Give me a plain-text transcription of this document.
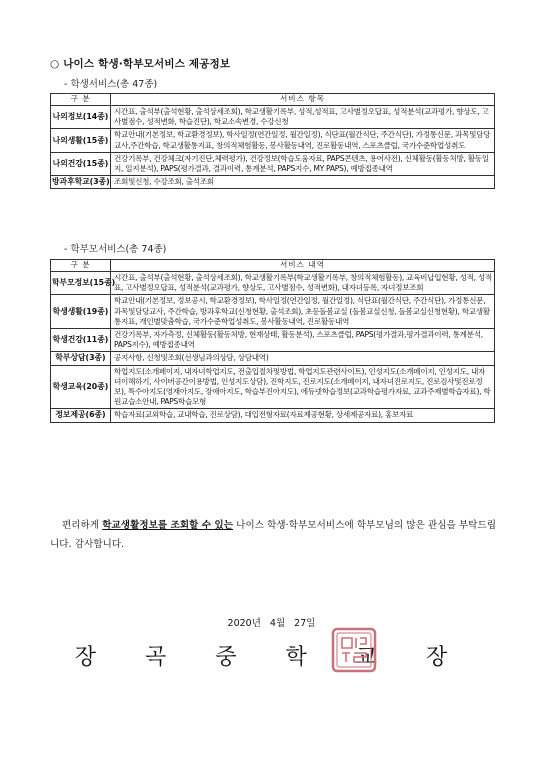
○ 나이스 학생·학부모서비스 제공정보
- 학생서비스(총 47종)
구 분	서비스 항목
나의정보(14종)	시간표, 출석부(출석현황, 출석상세조회), 학교생활기록부, 성적,성적표, 고사별정오답표, 성적분석(교과평가, 향상도, 고사별점수, 성적변화, 학습진단), 학교소속변경, 수강신청
나의생활(15종)	학교안내(기본정보, 학교환경정보), 학사일정(연간일정, 월간일정), 식단표(월간식단, 주간식단), 가정통신문, 과목및담당교사,주간학습, 학교생활통지표, 창의적체험활동, 봉사활동내역, 진로활동내역, 스포츠클럽, 국가수준학업성취도
나의건강(15종)	건강기록부, 건강체크(자기진단,체력평가), 건강정보(학습도움자료, PAPS콘텐츠, 용어사전), 신체활동(활동처방, 활동일지, 일지분석), PAPS(평가결과, 결과이력, 통계분석, PAPS지수, MY PAPS), 예방접종내역
방과후학교(3종)	조회및신청, 수강조회, 출석조회
- 학부모서비스(총 74종)
구 분	서비스 내역
학부모정보(15종)	시간표, 출석부(출석현황, 출석상세조회), 학교생활기록부(학교생활기록부, 창의적체험활동), 교육비납입현황, 성적, 성적표, 고사별정오답표, 성적분석(교과평가, 향상도, 고사별점수, 성적변화), 내자녀등록, 자녀정보조회
학생생활(19종)	학교안내(기본정보, 정보공시, 학교환경정보), 학사일정(연간일정, 월간일정), 식단표(월간식단, 주간식단), 가정통신문, 과목및담당교사, 주간학습, 방과후학교(신청현황, 출석조회), 초등돌봄교실 (돌봄교실신청, 돌봄교실신청현황), 학교생활통지표, 개인별맞춤학습, 국가수준학업성취도, 봉사활동내역, 진로활동내역
학생건강(11종)	건강기록부, 자가측정, 신체활동(활동처방, 현재상태, 활동분석), 스포츠클럽, PAPS(평가결과,평가결과이력, 통계분석, PAPS지수), 예방접종내역
학부상담(3종)	공지사항, 신청및조회(선생님과의상담, 상담내역)
학생교육(20종)	학업지도(소개페이지, 내자녀학업지도, 전출입절차및방법, 학업지도관련사이트), 인성지도(소개페이지, 인성지도, 내자녀이해하기, 사이버공간이용방법, 인성지도상담), 진학지도, 진로지도(소개페이지, 내자녀진로지도, 진로검사및진로정보), 특수아지도(영재아지도, 장애아지도, 학습부진아지도), 에듀넷학습정보(교과학습평가자료, 교과주제별학습자료), 학원교습소안내, PAPS학습모형
정보제공(6종)	학습자료(교외학습, 교내학습, 진로상담), 대입전형자료(자료제공현황, 상세제공자료), 홍보자료
편리하게 학교생활정보를 조회할 수 있는 나이스 학생·학부모서비스에 학부모님의 많은 관심을 부탁드립니다. 감사합니다.
2020년 4월 27일
장 곡 중 학 교 장
